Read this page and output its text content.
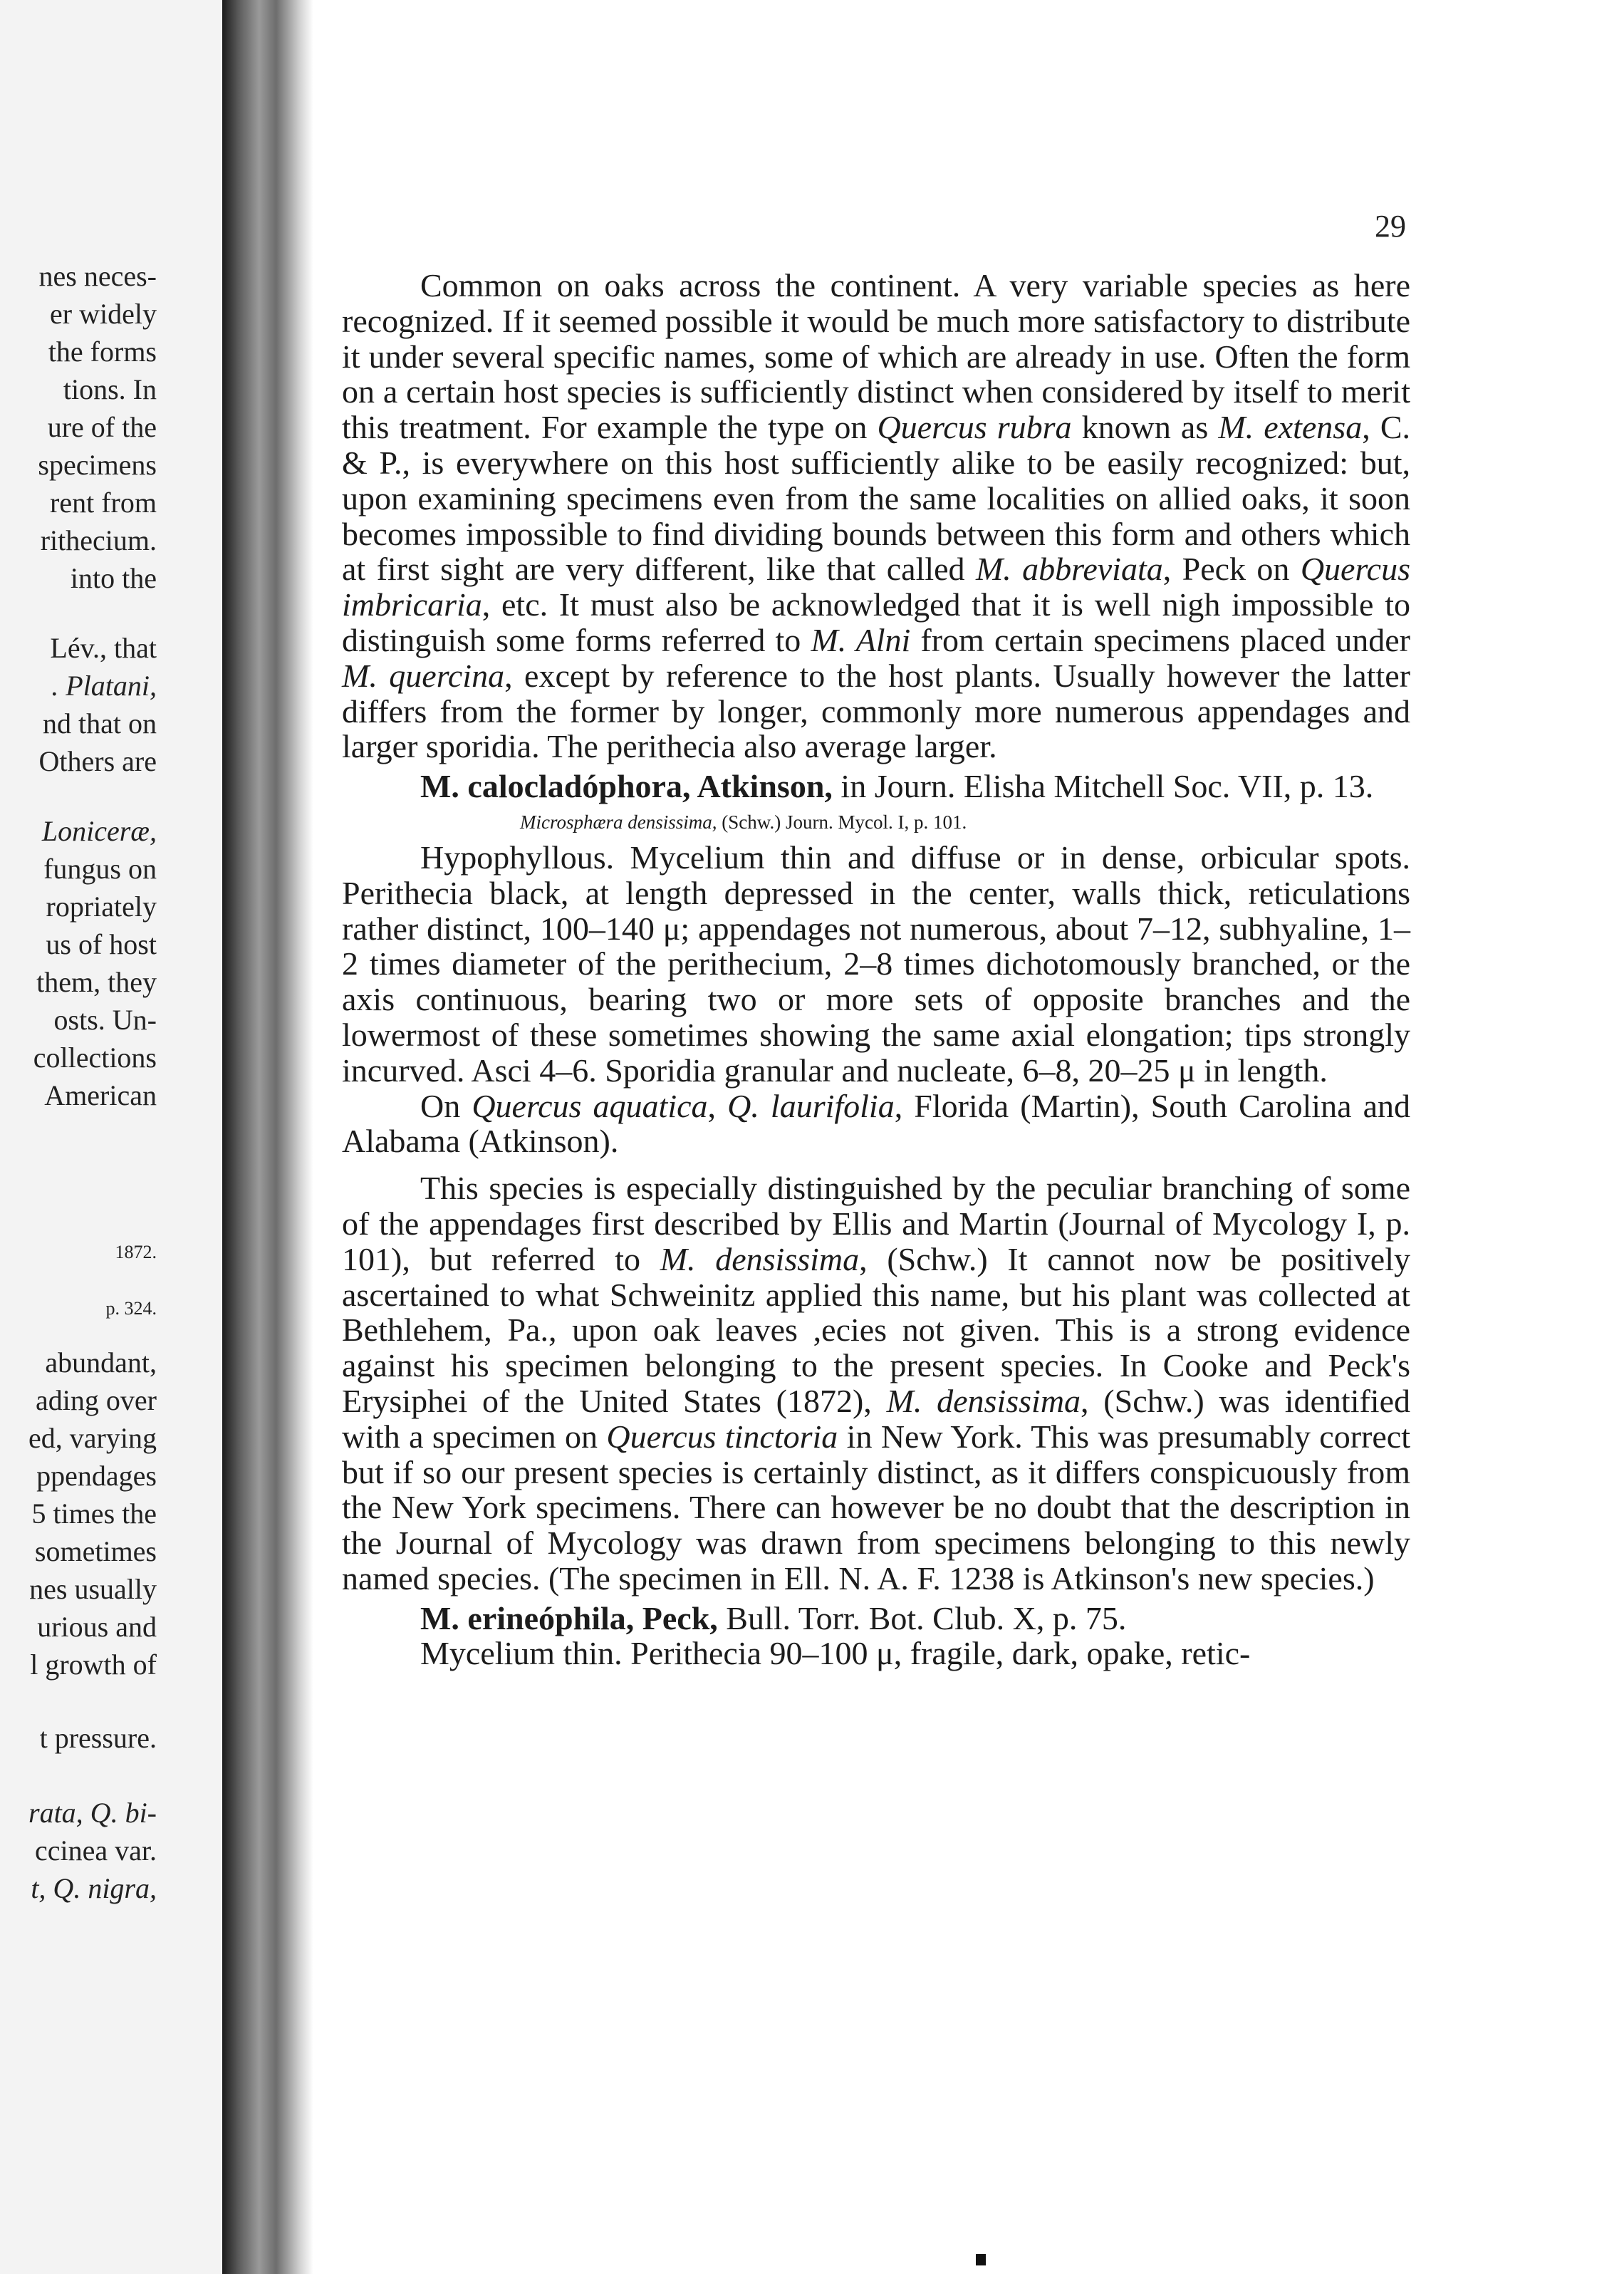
nes neces-
er widely
the forms
tions. In
ure of the
specimens
rent from
rithecium.
into the
Lév., that
. Platani,
nd that on
Others are
Loniceræ,
fungus on
ropriately
us of host
them, they
osts. Un-
collections
American
1872.
p. 324.
abundant,
ading over
ed, varying
ppendages
5 times the
sometimes
nes usually
urious and
l growth of
t pressure.
rata, Q. bi-
ccinea var.
t, Q. nigra,
29

Common on oaks across the continent. A very variable species as here recognized. If it seemed possible it would be much more satisfactory to distribute it under several specific names, some of which are already in use. Often the form on a certain host species is sufficiently distinct when considered by itself to merit this treatment. For example the type on Quercus rubra known as M. extensa, C. & P., is everywhere on this host sufficiently alike to be easily recognized: but, upon examining specimens even from the same localities on allied oaks, it soon becomes impossible to find dividing bounds between this form and others which at first sight are very different, like that called M. abbreviata, Peck on Quercus imbricaria, etc. It must also be acknowledged that it is well nigh impossible to distinguish some forms referred to M. Alni from certain specimens placed under M. quercina, except by reference to the host plants. Usually however the latter differs from the former by longer, commonly more numerous appendages and larger sporidia. The perithecia also average larger.

M. calocladóphora, Atkinson, in Journ. Elisha Mitchell Soc. VII, p. 13.

Microsphæra densissima, (Schw.) Journ. Mycol. I, p. 101.

Hypophyllous. Mycelium thin and diffuse or in dense, orbicular spots. Perithecia black, at length depressed in the center, walls thick, reticulations rather distinct, 100–140 μ; appendages not numerous, about 7–12, subhyaline, 1–2 times diameter of the perithecium, 2–8 times dichotomously branched, or the axis continuous, bearing two or more sets of opposite branches and the lowermost of these sometimes showing the same axial elongation; tips strongly incurved. Asci 4–6. Sporidia granular and nucleate, 6–8, 20–25 μ in length.

On Quercus aquatica, Q. laurifolia, Florida (Martin), South Carolina and Alabama (Atkinson).

This species is especially distinguished by the peculiar branching of some of the appendages first described by Ellis and Martin (Journal of Mycology I, p. 101), but referred to M. densissima, (Schw.) It cannot now be positively ascertained to what Schweinitz applied this name, but his plant was collected at Bethlehem, Pa., upon oak leaves ,ecies not given. This is a strong evidence against his specimen belonging to the present species. In Cooke and Peck's Erysiphei of the United States (1872), M. densissima, (Schw.) was identified with a specimen on Quercus tinctoria in New York. This was presumably correct but if so our present species is certainly distinct, as it differs conspicuously from the New York specimens. There can however be no doubt that the description in the Journal of Mycology was drawn from specimens belonging to this newly named species. (The specimen in Ell. N. A. F. 1238 is Atkinson's new species.)

M. erineóphila, Peck, Bull. Torr. Bot. Club. X, p. 75.

Mycelium thin. Perithecia 90–100 μ, fragile, dark, opake, retic-
